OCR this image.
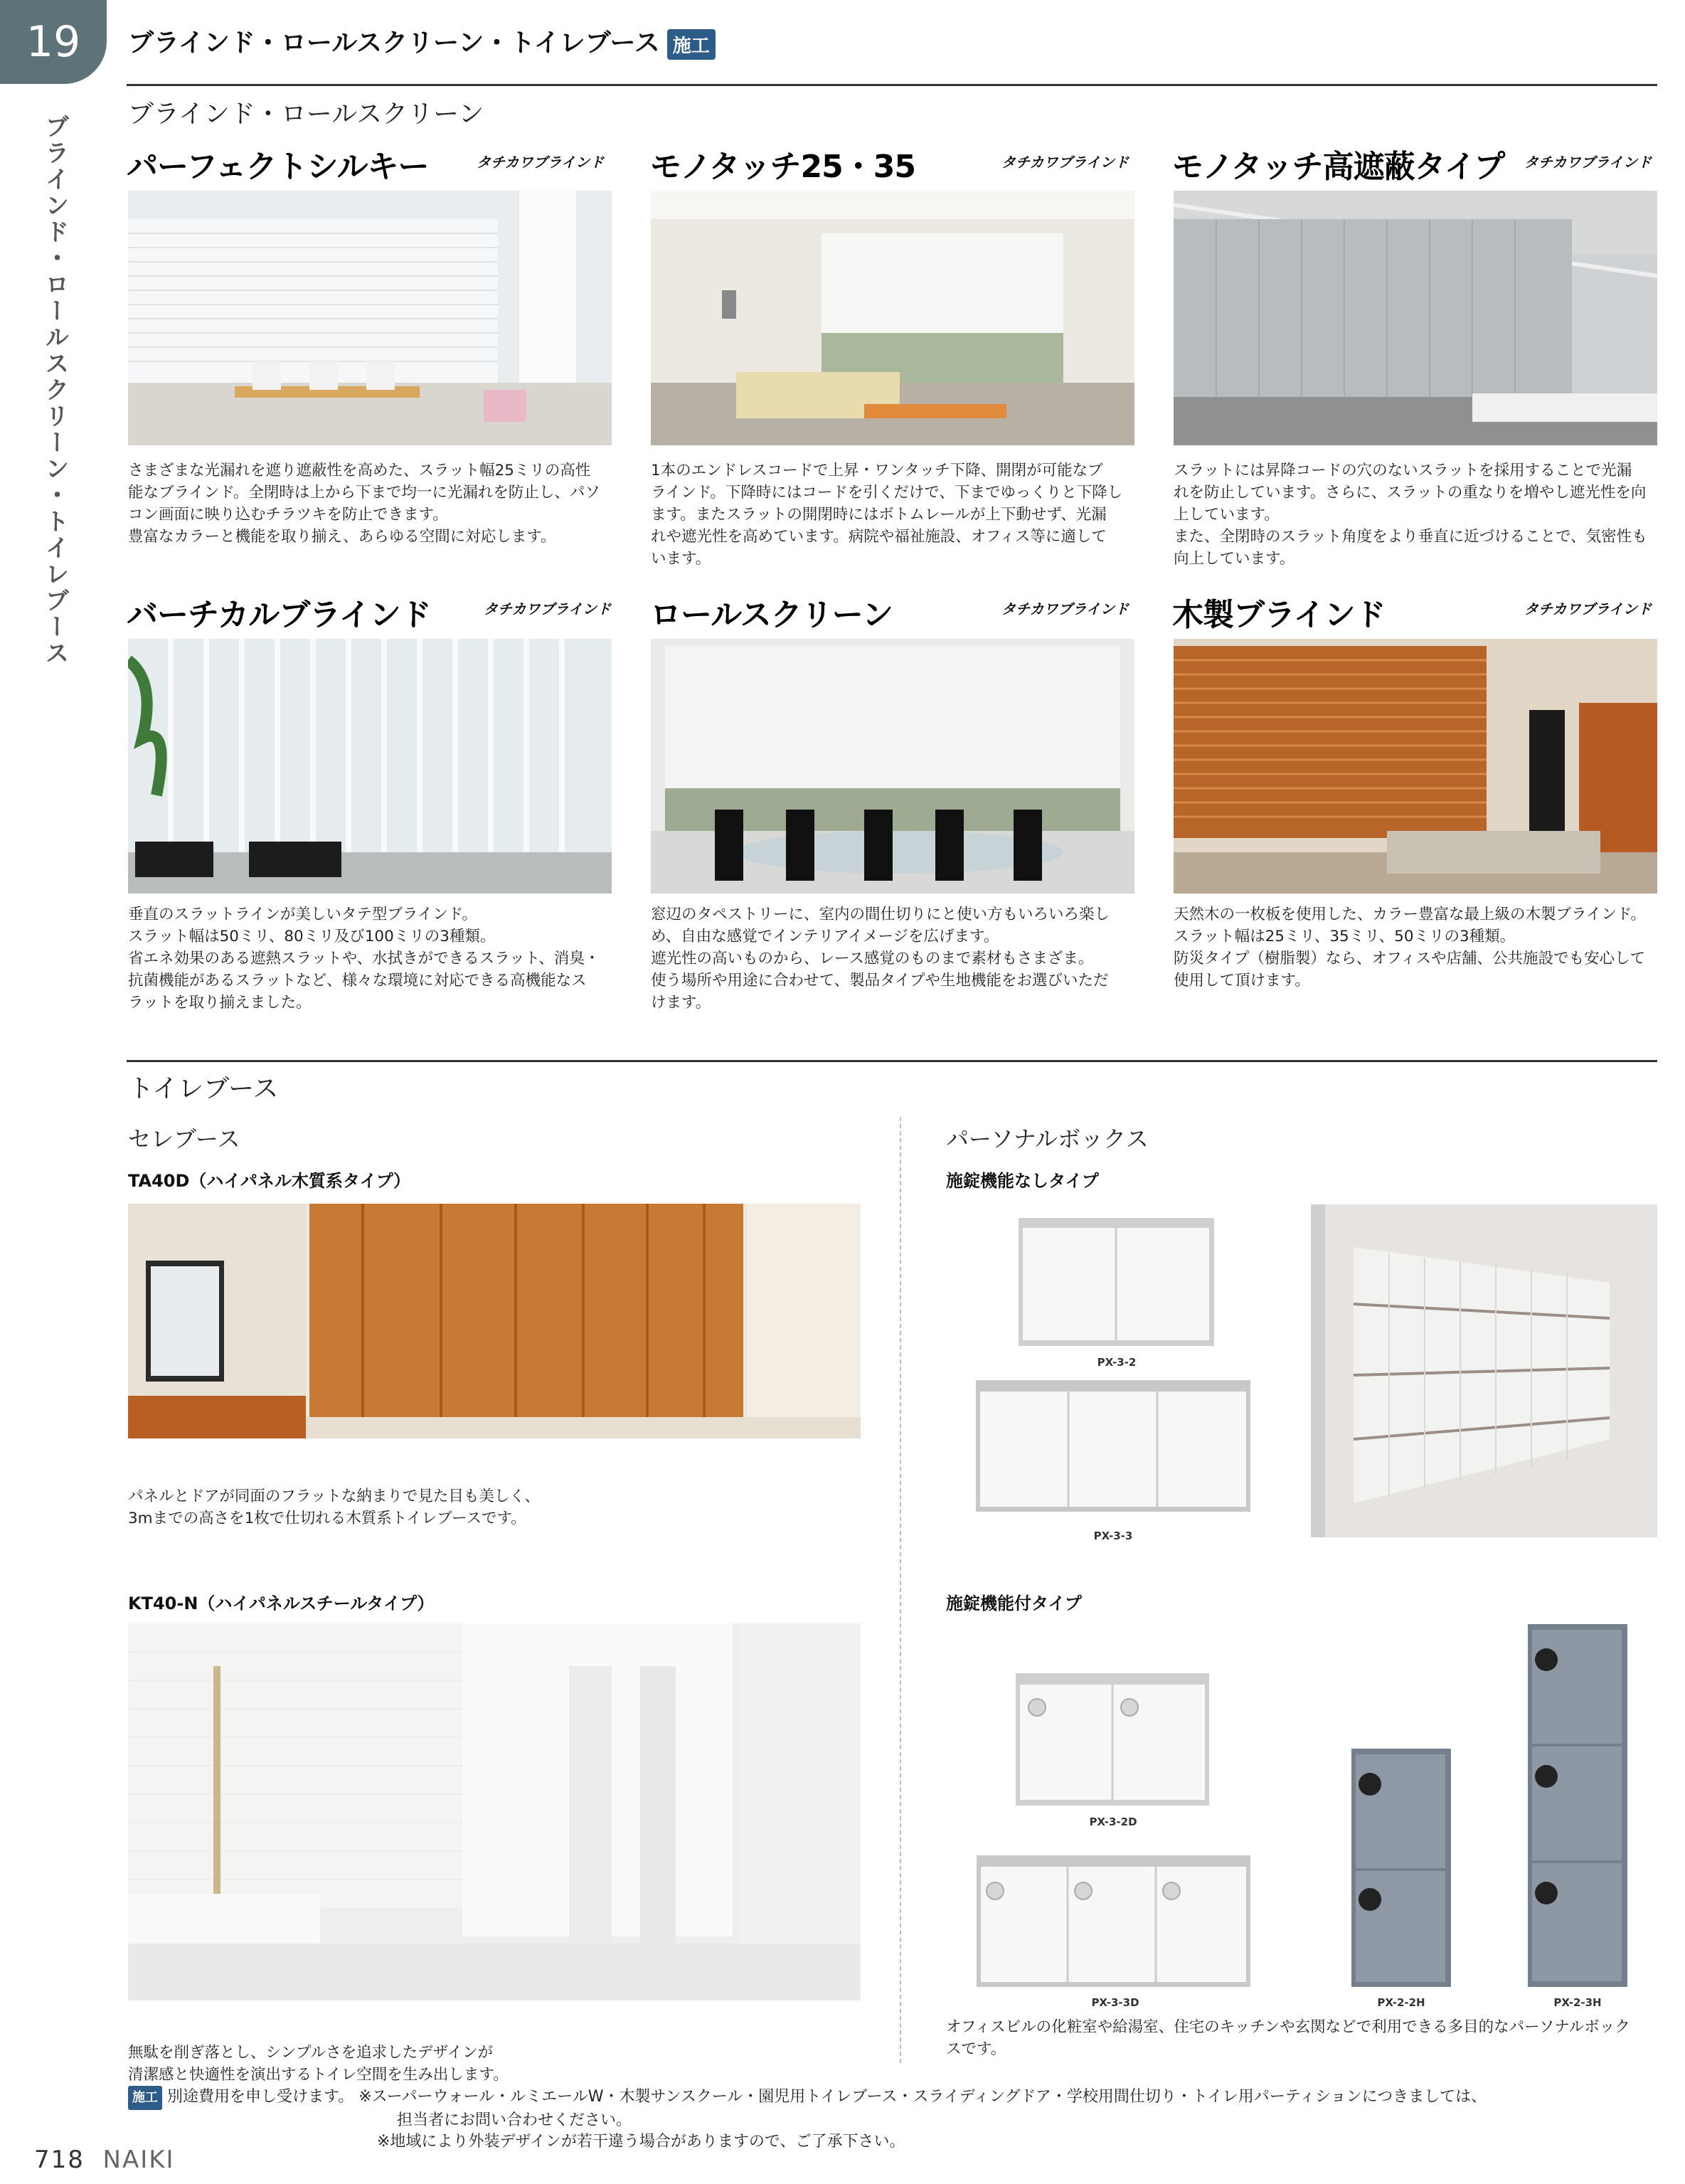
19
ブラインド・ロールスクリーン・トイレブース
ブラインド・ロールスクリーン・トイレブース 施工
ブラインド・ロールスクリーン
パーフェクトシルキー	タチカワブラインド
さまざまな光漏れを遮り遮蔽性を高めた、スラット幅25ミリの高性
能なブラインド。全閉時は上から下まで均一に光漏れを防止し、パソ
コン画面に映り込むチラツキを防止できます。
豊富なカラーと機能を取り揃え、あらゆる空間に対応します。
モノタッチ25・35	タチカワブラインド
1本のエンドレスコードで上昇・ワンタッチ下降、開閉が可能なブ
ラインド。下降時にはコードを引くだけで、下までゆっくりと下降し
ます。またスラットの開閉時にはボトムレールが上下動せず、光漏
れや遮光性を高めています。病院や福祉施設、オフィス等に適して
います。
モノタッチ高遮蔽タイプ タチカワブラインド
スラットには昇降コードの穴のないスラットを採用することで光漏
れを防止しています。さらに、スラットの重なりを増やし遮光性を向
上しています。
また、全閉時のスラット角度をより垂直に近づけることで、気密性も
向上しています。
バーチカルブラインド	タチカワブラインド
垂直のスラットラインが美しいタテ型ブラインド。
スラット幅は50ミリ、80ミリ及び100ミリの3種類。
省エネ効果のある遮熱スラットや、水拭きができるスラット、消臭・
抗菌機能があるスラットなど、様々な環境に対応できる高機能なス
ラットを取り揃えました。
ロールスクリーン	タチカワブラインド
窓辺のタペストリーに、室内の間仕切りにと使い方もいろいろ楽し
め、自由な感覚でインテリアイメージを広げます。
遮光性の高いものから、レース感覚のものまで素材もさまざま。
使う場所や用途に合わせて、製品タイプや生地機能をお選びいただ
けます。
木製ブラインド	タチカワブラインド
天然木の一枚板を使用した、カラー豊富な最上級の木製ブラインド。
スラット幅は25ミリ、35ミリ、50ミリの3種類。
防災タイプ（樹脂製）なら、オフィスや店舗、公共施設でも安心して
使用して頂けます。
トイレブース
セレブース
TA40D（ハイパネル木質系タイプ）
パネルとドアが同面のフラットな納まりで見た目も美しく、
3mまでの高さを1枚で仕切れる木質系トイレブースです。
KT40-N（ハイパネルスチールタイプ）
無駄を削ぎ落とし、シンプルさを追求したデザインが
清潔感と快適性を演出するトイレ空間を生み出します。
パーソナルボックス
施錠機能なしタイプ
PX-3-2
PX-3-3
施錠機能付タイプ
PX-3-2D
PX-3-3D	PX-2-2H	PX-2-3H
オフィスビルの化粧室や給湯室、住宅のキッチンや玄関などで利用できる多目的なパーソナルボック
スです。
施工 別途費用を申し受けます。 ※スーパーウォール・ルミエールW・木製サンスクール・園児用トイレブース・スライディングドア・学校用間仕切り・トイレ用パーティションにつきましては、
担当者にお問い合わせください。
※地域により外装デザインが若干違う場合がありますので、ご了承下さい。
718 NAIKI
